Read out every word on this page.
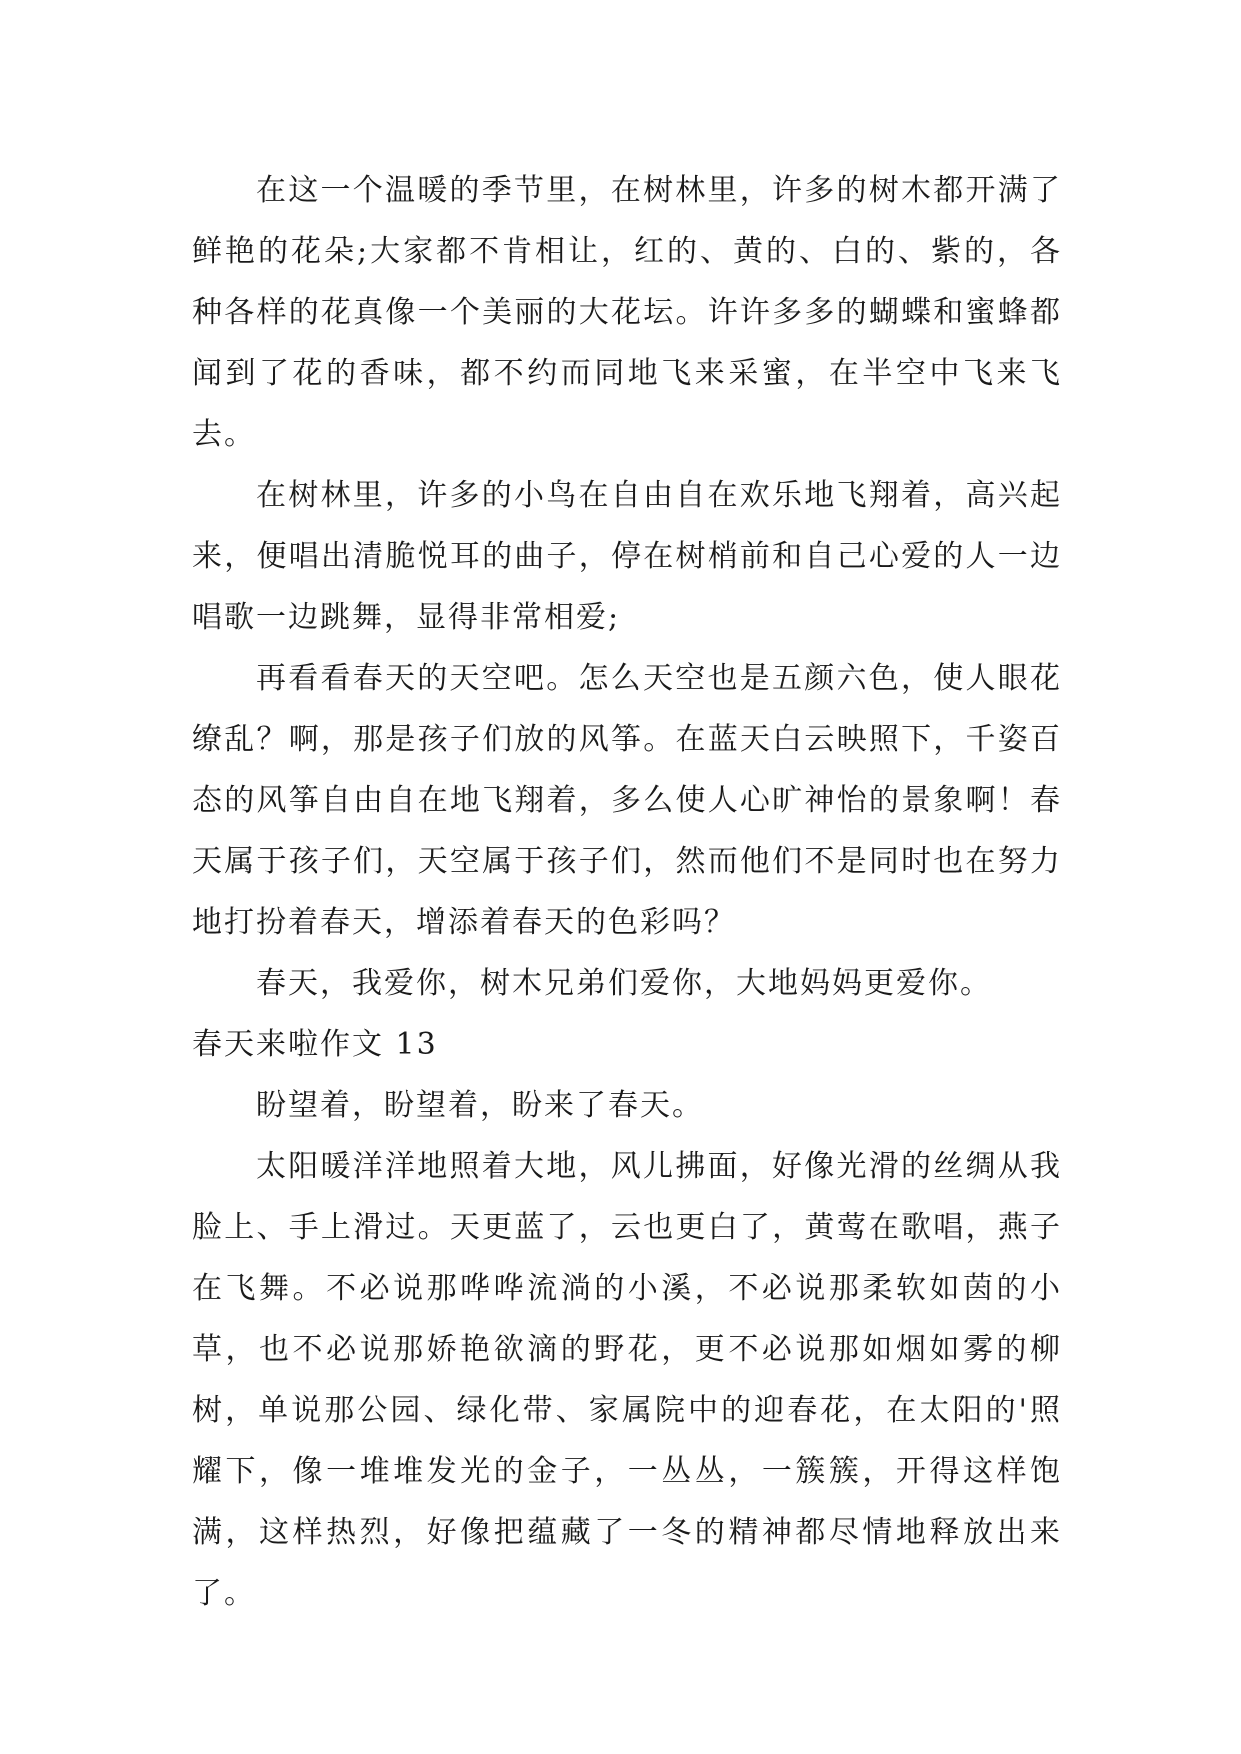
在这一个温暖的季节里，在树林里，许多的树木都开满了鲜艳的花朵;大家都不肯相让，红的、黄的、白的、紫的，各种各样的花真像一个美丽的大花坛。许许多多的蝴蝶和蜜蜂都闻到了花的香味，都不约而同地飞来采蜜，在半空中飞来飞去。

在树林里，许多的小鸟在自由自在欢乐地飞翔着，高兴起来，便唱出清脆悦耳的曲子，停在树梢前和自己心爱的人一边唱歌一边跳舞，显得非常相爱;

再看看春天的天空吧。怎么天空也是五颜六色，使人眼花缭乱？啊，那是孩子们放的风筝。在蓝天白云映照下，千姿百态的风筝自由自在地飞翔着，多么使人心旷神怡的景象啊！春天属于孩子们，天空属于孩子们，然而他们不是同时也在努力地打扮着春天，增添着春天的色彩吗？

春天，我爱你，树木兄弟们爱你，大地妈妈更爱你。

春天来啦作文 13

盼望着，盼望着，盼来了春天。

太阳暖洋洋地照着大地，风儿拂面，好像光滑的丝绸从我脸上、手上滑过。天更蓝了，云也更白了，黄莺在歌唱，燕子在飞舞。不必说那哗哗流淌的小溪，不必说那柔软如茵的小草，也不必说那娇艳欲滴的野花，更不必说那如烟如雾的柳树，单说那公园、绿化带、家属院中的迎春花，在太阳的'照耀下，像一堆堆发光的金子，一丛丛，一簇簇，开得这样饱满，这样热烈，好像把蕴藏了一冬的精神都尽情地释放出来了。
